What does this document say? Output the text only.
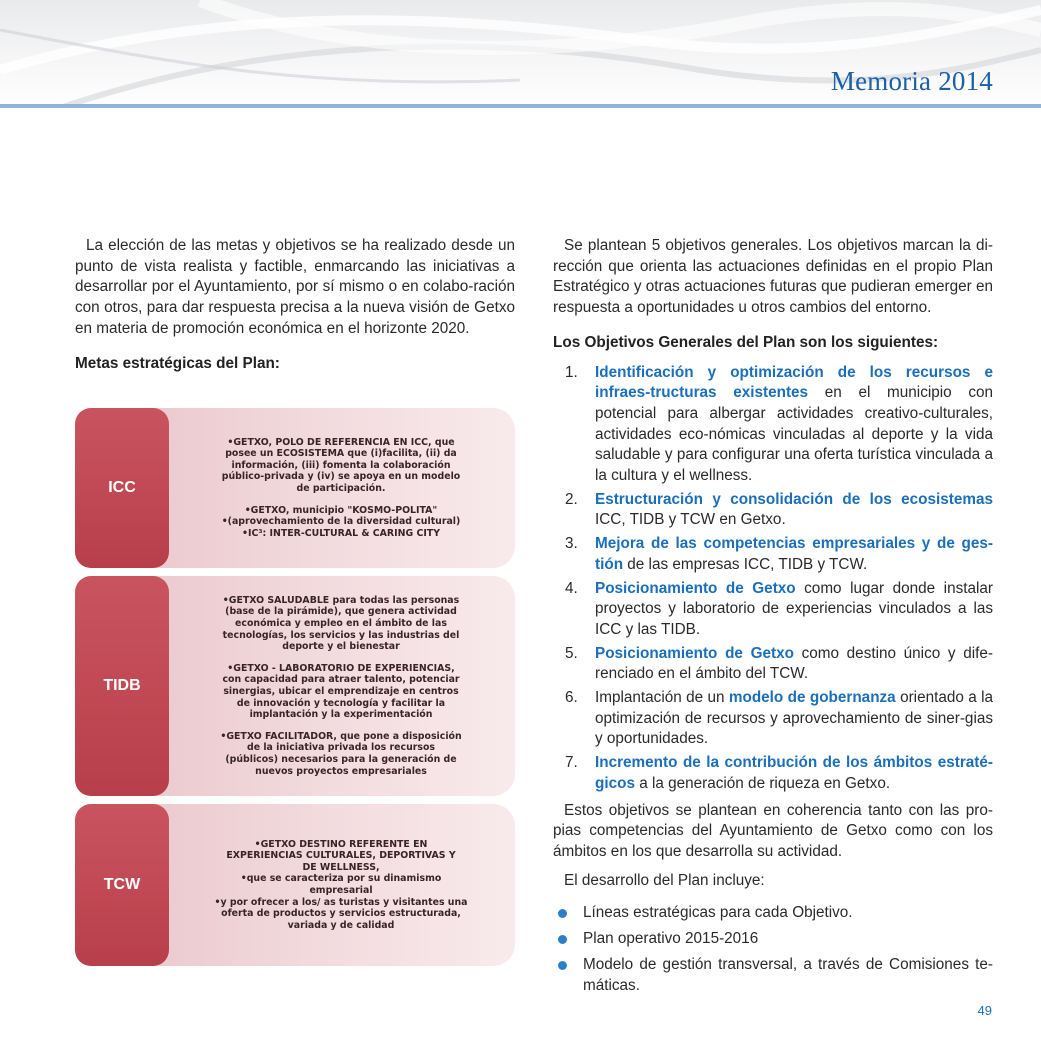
Memoria 2014

La elección de las metas y objetivos se ha realizado desde un punto de vista realista y factible, enmarcando las iniciativas a desarrollar por el Ayuntamiento, por sí mismo o en colabo-ración con otros, para dar respuesta precisa a la nueva visión de Getxo en materia de promoción económica en el horizonte 2020.

Metas estratégicas del Plan:

ICC
•GETXO, POLO DE REFERENCIA EN ICC, que
posee un ECOSISTEMA que (i)facilita, (ii) da
información, (iii) fomenta la colaboración
público-privada y (iv) se apoya en un modelo
de participación.
•GETXO, municipio "KOSMO-POLITA"
•(aprovechamiento de la diversidad cultural)
•IC³: INTER-CULTURAL & CARING CITY
TIDB
•GETXO SALUDABLE para todas las personas
(base de la pirámide), que genera actividad
económica y empleo en el ámbito de las
tecnologías, los servicios y las industrias del
deporte y el bienestar
•GETXO - LABORATORIO DE EXPERIENCIAS,
con capacidad para atraer talento, potenciar
sinergias, ubicar el emprendizaje en centros
de innovación y tecnología y facilitar la
implantación y la experimentación
•GETXO FACILITADOR, que pone a disposición
de la iniciativa privada los recursos
(públicos) necesarios para la generación de
nuevos proyectos empresariales
TCW
•GETXO DESTINO REFERENTE EN
EXPERIENCIAS CULTURALES, DEPORTIVAS Y
DE WELLNESS,
•que se caracteriza por su dinamismo
empresarial
•y por ofrecer a los/ as turistas y visitantes una
oferta de productos y servicios estructurada,
variada y de calidad

Se plantean 5 objetivos generales. Los objetivos marcan la di-rección que orienta las actuaciones definidas en el propio Plan Estratégico y otras actuaciones futuras que pudieran emerger en respuesta a oportunidades u otros cambios del entorno.

Los Objetivos Generales del Plan son los siguientes:

1.	Identificación y optimización de los recursos e infraes-tructuras existentes en el municipio con potencial para albergar actividades creativo-culturales, actividades eco-nómicas vinculadas al deporte y la vida saludable y para configurar una oferta turística vinculada a la cultura y el wellness.
2.	Estructuración y consolidación de los ecosistemas ICC, TIDB y TCW en Getxo.
3.	Mejora de las competencias empresariales y de ges-tión de las empresas ICC, TIDB y TCW.
4.	Posicionamiento de Getxo como lugar donde instalar proyectos y laboratorio de experiencias vinculados a las ICC y las TIDB.
5.	Posicionamiento de Getxo como destino único y dife-renciado en el ámbito del TCW.
6.	Implantación de un modelo de gobernanza orientado a la optimización de recursos y aprovechamiento de siner-gias y oportunidades.
7.	Incremento de la contribución de los ámbitos estraté-gicos a la generación de riqueza en Getxo.

Estos objetivos se plantean en coherencia tanto con las pro-pias competencias del Ayuntamiento de Getxo como con los ámbitos en los que desarrolla su actividad.

El desarrollo del Plan incluye:

Líneas estratégicas para cada Objetivo.
Plan operativo 2015-2016
Modelo de gestión transversal, a través de Comisiones te-máticas.
49
